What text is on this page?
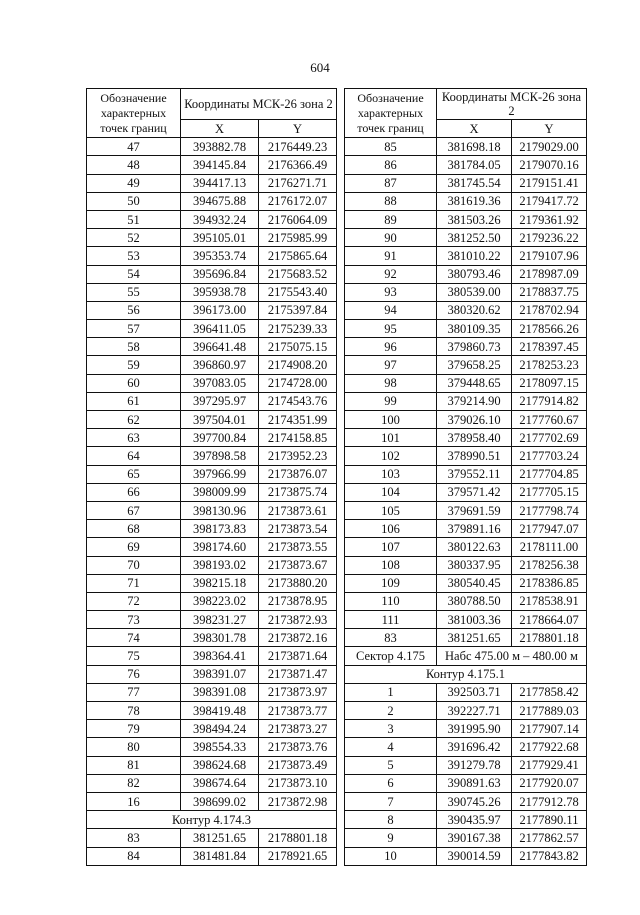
604
Обозначение характерных точек границ	Координаты МСК-26 зона 2	
	X	Y
47	393882.78	2176449.23
48	394145.84	2176366.49
49	394417.13	2176271.71
50	394675.88	2176172.07
51	394932.24	2176064.09
52	395105.01	2175985.99
53	395353.74	2175865.64
54	395696.84	2175683.52
55	395938.78	2175543.40
56	396173.00	2175397.84
57	396411.05	2175239.33
58	396641.48	2175075.15
59	396860.97	2174908.20
60	397083.05	2174728.00
61	397295.97	2174543.76
62	397504.01	2174351.99
63	397700.84	2174158.85
64	397898.58	2173952.23
65	397966.99	2173876.07
66	398009.99	2173875.74
67	398130.96	2173873.61
68	398173.83	2173873.54
69	398174.60	2173873.55
70	398193.02	2173873.67
71	398215.18	2173880.20
72	398223.02	2173878.95
73	398231.27	2173872.93
74	398301.78	2173872.16
75	398364.41	2173871.64
76	398391.07	2173871.47
77	398391.08	2173873.97
78	398419.48	2173873.77
79	398494.24	2173873.27
80	398554.33	2173873.76
81	398624.68	2173873.49
82	398674.64	2173873.10
16	398699.02	2173872.98
Контур 4.174.3		
83	381251.65	2178801.18
84	381481.84	2178921.65
Обозначение характерных точек границ	Координаты МСК-26 зона 2	
	X	Y
85	381698.18	2179029.00
86	381784.05	2179070.16
87	381745.54	2179151.41
88	381619.36	2179417.72
89	381503.26	2179361.92
90	381252.50	2179236.22
91	381010.22	2179107.96
92	380793.46	2178987.09
93	380539.00	2178837.75
94	380320.62	2178702.94
95	380109.35	2178566.26
96	379860.73	2178397.45
97	379658.25	2178253.23
98	379448.65	2178097.15
99	379214.90	2177914.82
100	379026.10	2177760.67
101	378958.40	2177702.69
102	378990.51	2177703.24
103	379552.11	2177704.85
104	379571.42	2177705.15
105	379691.59	2177798.74
106	379891.16	2177947.07
107	380122.63	2178111.00
108	380337.95	2178256.38
109	380540.45	2178386.85
110	380788.50	2178538.91
111	381003.36	2178664.07
83	381251.65	2178801.18
Сектор 4.175	Набс 475.00 м – 480.00 м	
Контур 4.175.1		
1	392503.71	2177858.42
2	392227.71	2177889.03
3	391995.90	2177907.14
4	391696.42	2177922.68
5	391279.78	2177929.41
6	390891.63	2177920.07
7	390745.26	2177912.78
8	390435.97	2177890.11
9	390167.38	2177862.57
10	390014.59	2177843.82
